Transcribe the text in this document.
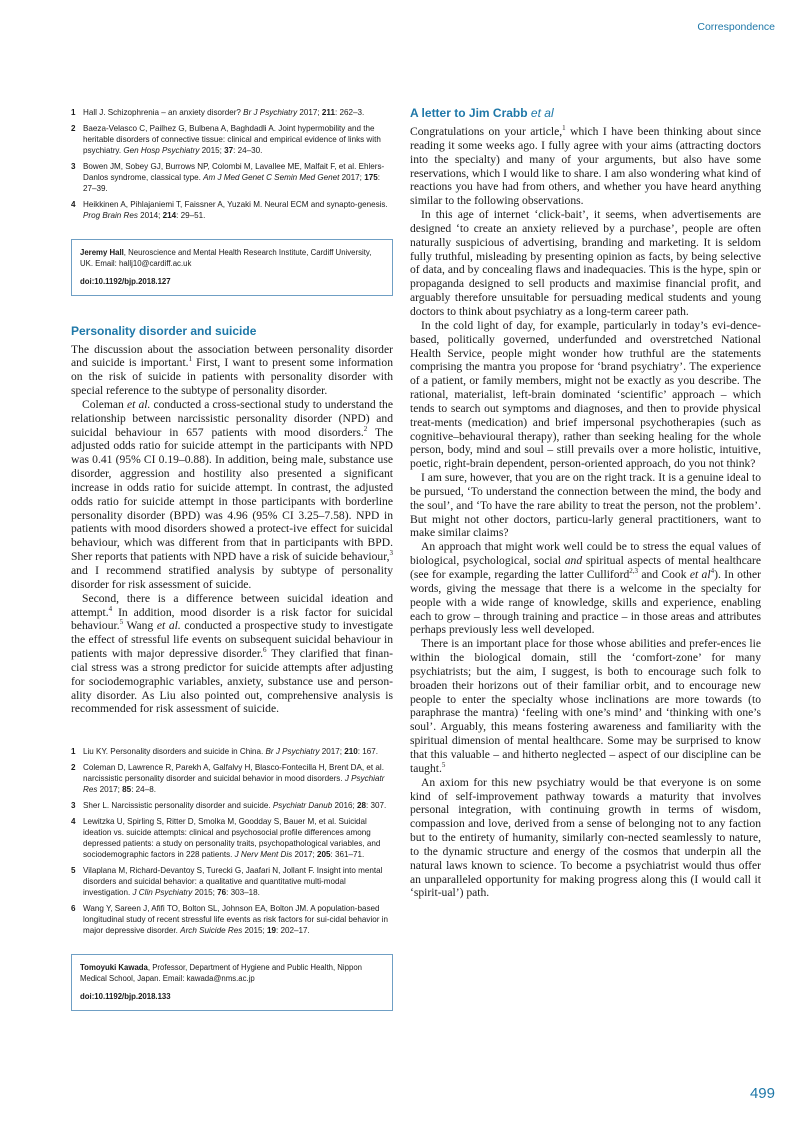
Correspondence
1 Hall J. Schizophrenia – an anxiety disorder? Br J Psychiatry 2017; 211: 262–3.
2 Baeza-Velasco C, Pailhez G, Bulbena A, Baghdadli A. Joint hypermobility and the heritable disorders of connective tissue: clinical and empirical evidence of links with psychiatry. Gen Hosp Psychiatry 2015; 37: 24–30.
3 Bowen JM, Sobey GJ, Burrows NP, Colombi M, Lavallee ME, Malfait F, et al. Ehlers-Danlos syndrome, classical type. Am J Med Genet C Semin Med Genet 2017; 175: 27–39.
4 Heikkinen A, Pihlajaniemi T, Faissner A, Yuzaki M. Neural ECM and synapto-genesis. Prog Brain Res 2014; 214: 29–51.
Jeremy Hall, Neuroscience and Mental Health Research Institute, Cardiff University, UK. Email: hallj10@cardiff.ac.uk
doi:10.1192/bjp.2018.127
Personality disorder and suicide

The discussion about the association between personality disorder and suicide is important.$^1$ First, I want to present some information on the risk of suicide in patients with personality disorder with special reference to the subtype of personality disorder.

Coleman et al. conducted a cross-sectional study to understand the relationship between narcissistic personality disorder (NPD) and suicidal behaviour in 657 patients with mood disorders.$^2$ The adjusted odds ratio for suicide attempt in the participants with NPD was 0.41 (95% CI 0.19–0.88). In addition, being male, substance use disorder, aggression and hostility also presented a significant increase in odds ratio for suicide attempt. In contrast, the adjusted odds ratio for suicide attempt in those participants with borderline personality disorder (BPD) was 4.96 (95% CI 3.25–7.58). NPD in patients with mood disorders showed a protect-ive effect for suicidal behaviour, which was different from that in participants with BPD. Sher reports that patients with NPD have a risk of suicide behaviour,$^3$ and I recommend stratified analysis by subtype of personality disorder for risk assessment of suicide.

Second, there is a difference between suicidal ideation and attempt.$^4$ In addition, mood disorder is a risk factor for suicidal behaviour.$^5$ Wang et al. conducted a prospective study to investigate the effect of stressful life events on subsequent suicidal behaviour in patients with major depressive disorder.$^6$ They clarified that finan-cial stress was a strong predictor for suicide attempts after adjusting for sociodemographic variables, anxiety, substance use and person-ality disorder. As Liu also pointed out, comprehensive analysis is recommended for risk assessment of suicide.

1 Liu KY. Personality disorders and suicide in China. Br J Psychiatry 2017; 210: 167.
2 Coleman D, Lawrence R, Parekh A, Galfalvy H, Blasco-Fontecilla H, Brent DA, et al. narcissistic personality disorder and suicidal behavior in mood disorders. J Psychiatr Res 2017; 85: 24–8.
3 Sher L. Narcissistic personality disorder and suicide. Psychiatr Danub 2016; 28: 307.
4 Lewitzka U, Spirling S, Ritter D, Smolka M, Goodday S, Bauer M, et al. Suicidal ideation vs. suicide attempts: clinical and psychosocial profile differences among depressed patients: a study on personality traits, psychopathological variables, and sociodemographic factors in 228 patients. J Nerv Ment Dis 2017; 205: 361–71.
5 Vilaplana M, Richard-Devantoy S, Turecki G, Jaafari N, Jollant F. Insight into mental disorders and suicidal behavior: a qualitative and quantitative multi-modal investigation. J Clin Psychiatry 2015; 76: 303–18.
6 Wang Y, Sareen J, Afifi TO, Bolton SL, Johnson EA, Bolton JM. A population-based longitudinal study of recent stressful life events as risk factors for sui-cidal behavior in major depressive disorder. Arch Suicide Res 2015; 19: 202–17.
Tomoyuki Kawada, Professor, Department of Hygiene and Public Health, Nippon Medical School, Japan. Email: kawada@nms.ac.jp
doi:10.1192/bjp.2018.133
A letter to Jim Crabb et al

Congratulations on your article,$^1$ which I have been thinking about since reading it some weeks ago. I fully agree with your aims (attracting doctors into the specialty) and many of your arguments, but also have some reservations, which I would like to share. I am also wondering what kind of reactions you have had from others, and whether you have heard anything similar to the following observations.

In this age of internet ‘click-bait’, it seems, when advertisements are designed ‘to create an anxiety relieved by a purchase’, people are often naturally suspicious of advertising, branding and marketing. It is seldom fully truthful, misleading by presenting opinion as facts, by being selective of data, and by concealing flaws and inadequacies. This is the hype, spin or propaganda designed to sell products and maximise financial profit, and arguably therefore unsuitable for persuading medical students and young doctors to think about psychiatry as a long-term career path.

In the cold light of day, for example, particularly in today’s evi-dence-based, politically governed, underfunded and overstretched National Health Service, people might wonder how truthful are the statements comprising the mantra you propose for ‘brand psychiatry’. The experience of a patient, or family members, might not be exactly as you describe. The rational, materialist, left-brain dominated ‘scientific’ approach – which tends to search out symptoms and diagnoses, and then to provide physical treat-ments (medication) and brief impersonal psychotherapies (such as cognitive–behavioural therapy), rather than seeking healing for the whole person, body, mind and soul – still prevails over a more holistic, intuitive, poetic, right-brain dependent, person-oriented approach, do you not think?

I am sure, however, that you are on the right track. It is a genuine ideal to be pursued, ‘To understand the connection between the mind, the body and the soul’, and ‘To have the rare ability to treat the person, not the problem’. But might not other doctors, particu-larly general practitioners, want to make similar claims?

An approach that might work well could be to stress the equal values of biological, psychological, social and spiritual aspects of mental healthcare (see for example, regarding the latter Culliford$^{2,3}$ and Cook et $al^4$). In other words, giving the message that there is a welcome in the specialty for people with a wide range of knowledge, skills and experience, enabling each to grow – through training and practice – in those areas and attributes perhaps previously less well developed.

There is an important place for those whose abilities and prefer-ences lie within the biological domain, still the ‘comfort-zone’ for many psychiatrists; but the aim, I suggest, is both to encourage such folk to broaden their horizons out of their familiar orbit, and to encourage new people to enter the specialty whose inclinations are more towards (to paraphrase the mantra) ‘feeling with one’s mind’ and ‘thinking with one’s soul’. Arguably, this means fostering awareness and familiarity with the spiritual dimension of mental healthcare. Some may be surprised to know that this valuable – and hitherto neglected – aspect of our discipline can be taught.$^5$

An axiom for this new psychiatry would be that everyone is on some kind of self-improvement pathway towards a maturity that involves personal integration, with continuing growth in terms of wisdom, compassion and love, derived from a sense of belonging not to any faction but to the entirety of humanity, similarly con-nected seamlessly to nature, to the dynamic structure and energy of the cosmos that underpin all the natural laws known to science. To become a psychiatrist would thus offer an unparalleled opportunity for making progress along this (I would call it ‘spirit-ual’) path.

499
